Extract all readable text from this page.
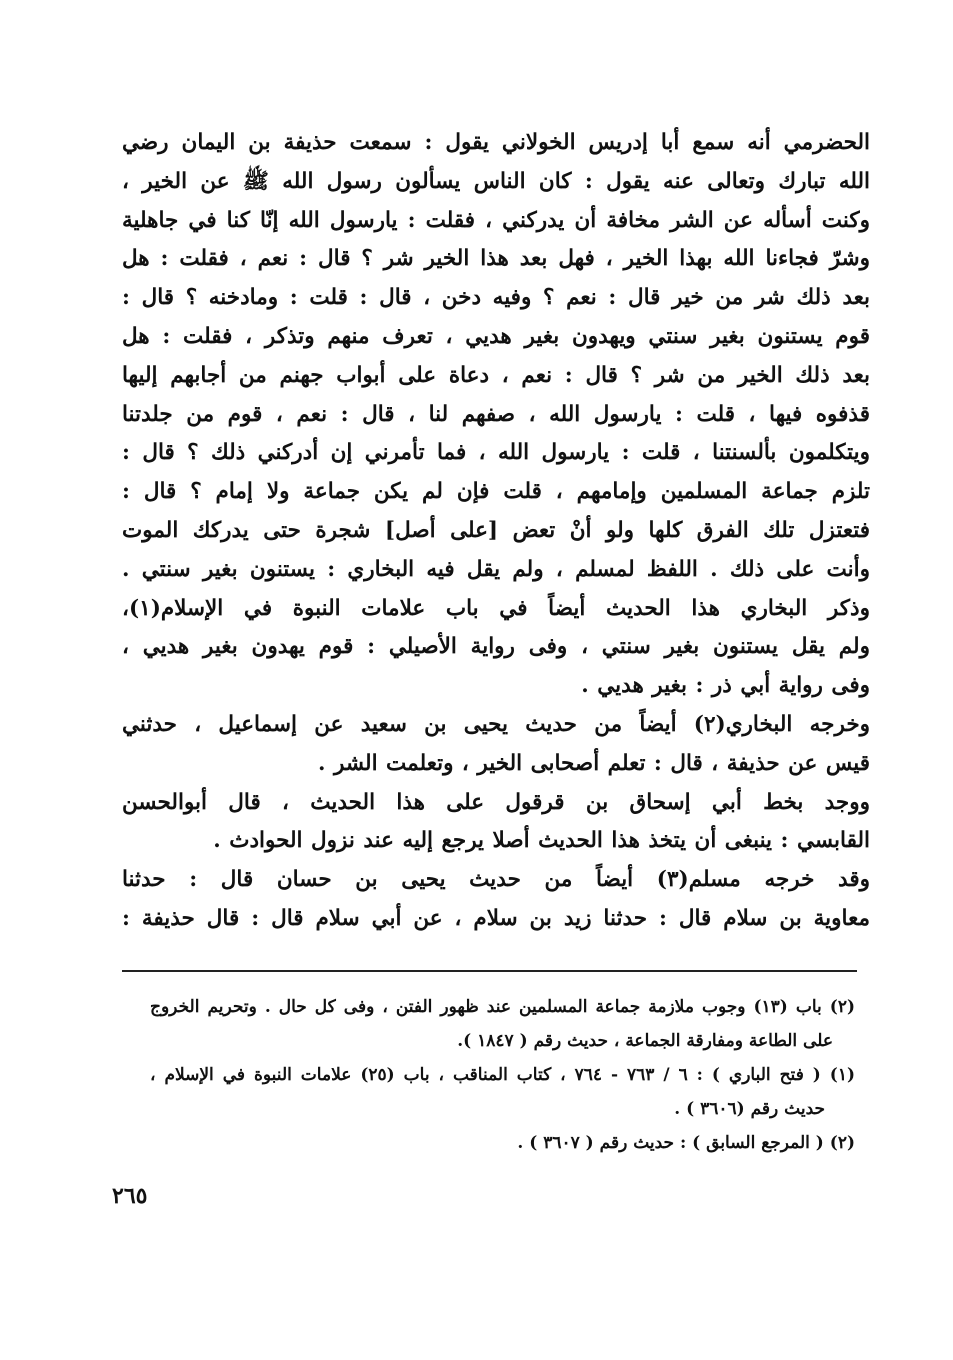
الحضرمي أنه سمع أبا إدريس الخولاني يقول : سمعت حذيفة بن اليمان رضي
الله تبارك وتعالى عنه يقول : كان الناس يسألون رسول الله ﷺ عن الخير ،
وكنت أسأله عن الشر مخافة أن يدركني ، فقلت : يارسول الله إنّا كنا في جاهلية
وشرّ فجاءنا الله بهذا الخير ، فهل بعد هذا الخير شر ؟ قال : نعم ، فقلت : هل
بعد ذلك شر من خير قال : نعم ؟ وفيه دخن ، قال : قلت : ومادخنه ؟ قال :
قوم يستنون بغير سنتي ويهدون بغير هديي ، تعرف منهم وتذكر ، فقلت : هل
بعد ذلك الخير من شر ؟ قال : نعم ، دعاة على أبواب جهنم من أجابهم إليها
قذفوه فيها ، قلت : يارسول الله ، صفهم لنا ، قال : نعم ، قوم من جلدتنا
ويتكلمون بألسنتنا ، قلت : يارسول الله ، فما تأمرني إن أدركني ذلك ؟ قال :
تلزم جماعة المسلمين وإمامهم ، قلت فإن لم يكن جماعة ولا إمام ؟ قال :
فتعتزل تلك الفرق كلها ولو أنْ تعض [على أصل] شجرة حتى يدركك الموت
وأنت على ذلك . اللفظ لمسلم ، ولم يقل فيه البخاري : يستنون بغير سنتي .
وذكر البخاري هذا الحديث أيضاً في باب علامات النبوة في الإسلام(١)،
ولم يقل يستنون بغير سنتي ، وفى رواية الأصيلي : قوم يهدون بغير هديي ،
وفى رواية أبي ذر : بغير هديي .
وخرجه البخاري(٢) أيضاً من حديث يحيى بن سعيد عن إسماعيل ، حدثني
قيس عن حذيفة ، قال : تعلم أصحابى الخير ، وتعلمت الشر .
ووجد بخط أبي إسحاق بن قرقول على هذا الحديث ، قال أبوالحسن
القابسي : ينبغى أن يتخذ هذا الحديث أصلا يرجع إليه عند نزول الحوادث .
وقد خرجه مسلم(٣) أيضاً من حديث يحيى بن حسان قال : حدثنا
معاوية بن سلام قال : حدثنا زيد بن سلام ، عن أبي سلام قال : قال حذيفة :
(٢) باب (١٣) وجوب ملازمة جماعة المسلمين عند ظهور الفتن ، وفى كل حال . وتحريم الخروج
على الطاعة ومفارقة الجماعة ، حديث رقم ( ١٨٤٧ ).
(١) ( فتح الباري ) : ٦ / ٧٦٣ - ٧٦٤ ، كتاب المناقب ، باب (٢٥) علامات النبوة في الإسلام ،
حديث رقم (٣٦٠٦ ) .
(٢) ( المرجع السابق ) : حديث رقم ( ٣٦٠٧ ) .
٢٦٥
